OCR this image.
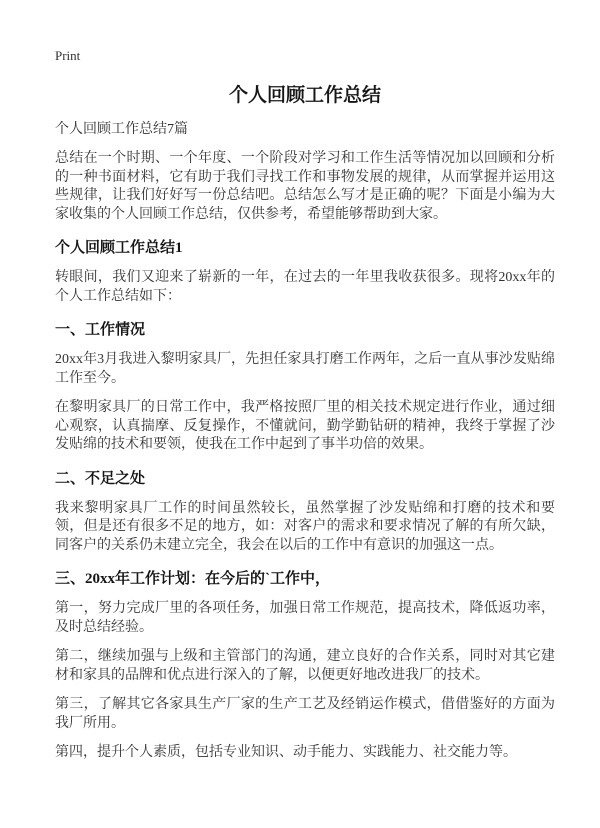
Print
个人回顾工作总结
个人回顾工作总结7篇

总结在一个时期、一个年度、一个阶段对学习和工作生活等情况加以回顾和分析的一种书面材料，它有助于我们寻找工作和事物发展的规律，从而掌握并运用这些规律，让我们好好写一份总结吧。总结怎么写才是正确的呢？下面是小编为大家收集的个人回顾工作总结，仅供参考，希望能够帮助到大家。

个人回顾工作总结1

转眼间，我们又迎来了崭新的一年，在过去的一年里我收获很多。现将20xx年的个人工作总结如下：

一、工作情况

20xx年3月我进入黎明家具厂，先担任家具打磨工作两年，之后一直从事沙发贴绵工作至今。

在黎明家具厂的日常工作中，我严格按照厂里的相关技术规定进行作业，通过细心观察，认真揣摩、反复操作，不懂就问，勤学勤钻研的精神，我终于掌握了沙发贴绵的技术和要领，使我在工作中起到了事半功倍的效果。

二、不足之处

我来黎明家具厂工作的时间虽然较长，虽然掌握了沙发贴绵和打磨的技术和要领，但是还有很多不足的地方，如：对客户的需求和要求情况了解的有所欠缺，同客户的关系仍未建立完全，我会在以后的工作中有意识的加强这一点。

三、20xx年工作计划：在今后的`工作中，

第一，努力完成厂里的各项任务，加强日常工作规范，提高技术，降低返功率，及时总结经验。

第二，继续加强与上级和主管部门的沟通，建立良好的合作关系，同时对其它建材和家具的品牌和优点进行深入的了解，以便更好地改进我厂的技术。

第三，了解其它各家具生产厂家的生产工艺及经销运作模式，借借鉴好的方面为我厂所用。

第四，提升个人素质，包括专业知识、动手能力、实践能力、社交能力等。
